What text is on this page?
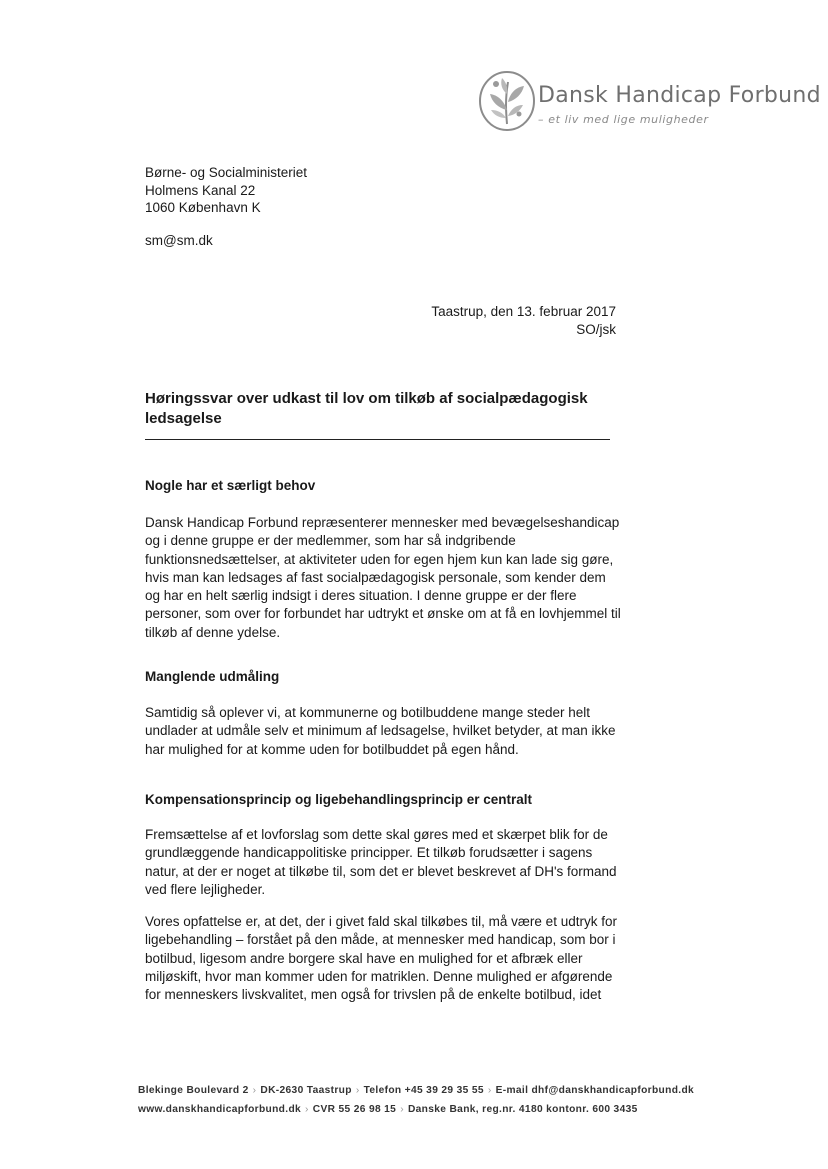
Dansk Handicap Forbund
– et liv med lige muligheder
Børne- og Socialministeriet
Holmens Kanal 22
1060 København K
sm@sm.dk
Taastrup, den 13. februar 2017
SO/jsk
Høringssvar over udkast til lov om tilkøb af socialpædagogisk
ledsagelse
Nogle har et særligt behov
Dansk Handicap Forbund repræsenterer mennesker med bevægelseshandicap
og i denne gruppe er der medlemmer, som har så indgribende
funktionsnedsættelser, at aktiviteter uden for egen hjem kun kan lade sig gøre,
hvis man kan ledsages af fast socialpædagogisk personale, som kender dem
og har en helt særlig indsigt i deres situation. I denne gruppe er der flere
personer, som over for forbundet har udtrykt et ønske om at få en lovhjemmel til
tilkøb af denne ydelse.
Manglende udmåling
Samtidig så oplever vi, at kommunerne og botilbuddene mange steder helt
undlader at udmåle selv et minimum af ledsagelse, hvilket betyder, at man ikke
har mulighed for at komme uden for botilbuddet på egen hånd.
Kompensationsprincip og ligebehandlingsprincip er centralt
Fremsættelse af et lovforslag som dette skal gøres med et skærpet blik for de
grundlæggende handicappolitiske principper. Et tilkøb forudsætter i sagens
natur, at der er noget at tilkøbe til, som det er blevet beskrevet af DH's formand
ved flere lejligheder.
Vores opfattelse er, at det, der i givet fald skal tilkøbes til, må være et udtryk for
ligebehandling – forstået på den måde, at mennesker med handicap, som bor i
botilbud, ligesom andre borgere skal have en mulighed for et afbræk eller
miljøskift, hvor man kommer uden for matriklen. Denne mulighed er afgørende
for menneskers livskvalitet, men også for trivslen på de enkelte botilbud, idet
Blekinge Boulevard 2 › DK-2630 Taastrup › Telefon +45 39 29 35 55 › E-mail dhf@danskhandicapforbund.dk
www.danskhandicapforbund.dk › CVR 55 26 98 15 › Danske Bank, reg.nr. 4180 kontonr. 600 3435
